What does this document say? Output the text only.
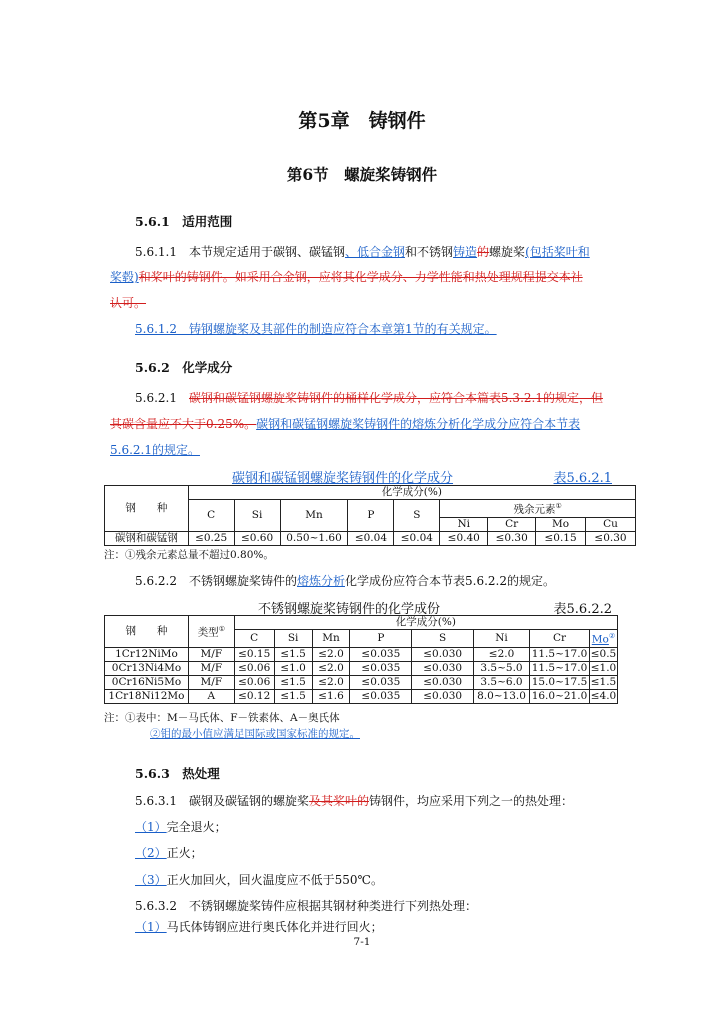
第5章　铸钢件
第6节　螺旋桨铸钢件
5.6.1　适用范围
5.6.1.1　本节规定适用于碳钢、碳锰钢、低合金钢和不锈钢铸造的螺旋桨(包括桨叶和
桨毂)和桨叶的铸钢件。如采用合金钢，应将其化学成分、力学性能和热处理规程提交本社
认可。
5.6.1.2　铸钢螺旋桨及其部件的制造应符合本章第1节的有关规定。
5.6.2　化学成分
5.6.2.1　碳钢和碳锰钢螺旋桨铸钢件的桶样化学成分，应符合本篇表5.3.2.1的规定，但
其碳含量应不大于0.25%。碳钢和碳锰钢螺旋桨铸钢件的熔炼分析化学成分应符合本节表
5.6.2.1的规定。
碳钢和碳锰钢螺旋桨铸钢件的化学成分	表5.6.2.1
钢　　种	化学成分(%)								
	C	Si	Mn	P	S	残余元素①
						Ni	Cr	Mo	Cu
碳钢和碳锰钢	≤0.25	≤0.60	0.50~1.60	≤0.04	≤0.04	≤0.40	≤0.30	≤0.15	≤0.30
注：①残余元素总量不超过0.80%。
5.6.2.2　不锈钢螺旋桨铸件的熔炼分析化学成份应符合本节表5.6.2.2的规定。
不锈钢螺旋桨铸钢件的化学成份	表5.6.2.2
钢　　种	类型①	化学成分(%)							
		C	Si	Mn	P	S	Ni	Cr	Mo②
1Cr12NiMo	M/F	≤0.15	≤1.5	≤2.0	≤0.035	≤0.030	≤2.0	11.5~17.0	≤0.5
0Cr13Ni4Mo	M/F	≤0.06	≤1.0	≤2.0	≤0.035	≤0.030	3.5~5.0	11.5~17.0	≤1.0
0Cr16Ni5Mo	M/F	≤0.06	≤1.5	≤2.0	≤0.035	≤0.030	3.5~6.0	15.0~17.5	≤1.5
1Cr18Ni12Mo	A	≤0.12	≤1.5	≤1.6	≤0.035	≤0.030	8.0~13.0	16.0~21.0	≤4.0
注：①表中：M－马氏体、F－铁素体、A－奥氏体
②钼的最小值应满足国际或国家标准的规定。
5.6.3　热处理
5.6.3.1　碳钢及碳锰钢的螺旋桨及其桨叶的铸钢件，均应采用下列之一的热处理：
（1）完全退火；
（2）正火；
（3）正火加回火，回火温度应不低于550℃。
5.6.3.2　不锈钢螺旋桨铸件应根据其钢材种类进行下列热处理：
（1）马氏体铸钢应进行奥氏体化并进行回火；
7-1
